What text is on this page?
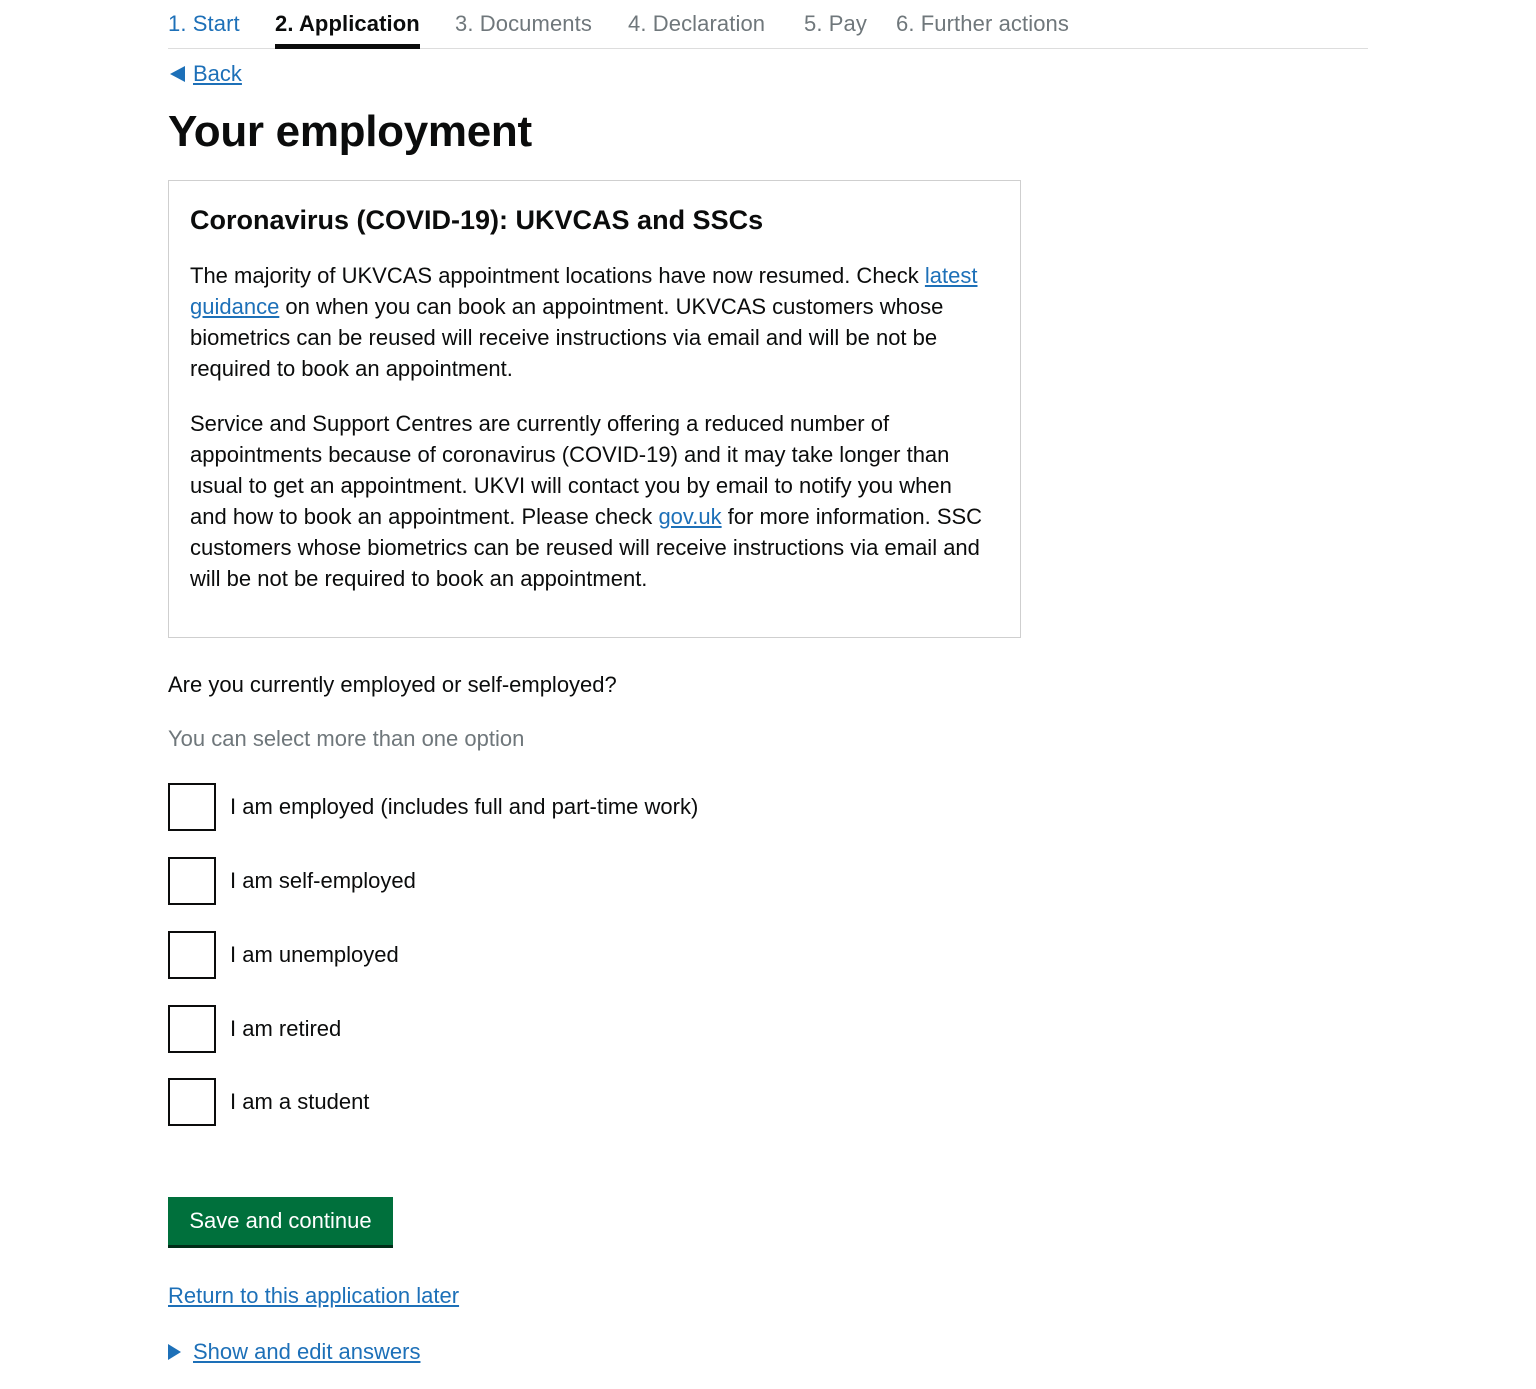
1. Start 2. Application 3. Documents 4. Declaration 5. Pay 6. Further actions
Back
Your employment
Coronavirus (COVID-19): UKVCAS and SSCs

The majority of UKVCAS appointment locations have now resumed. Check latest guidance on when you can book an appointment. UKVCAS customers whose biometrics can be reused will receive instructions via email and will be not be required to book an appointment.

Service and Support Centres are currently offering a reduced number of appointments because of coronavirus (COVID-19) and it may take longer than usual to get an appointment. UKVI will contact you by email to notify you when and how to book an appointment. Please check gov.uk for more information. SSC customers whose biometrics can be reused will receive instructions via email and will be not be required to book an appointment.

Are you currently employed or self-employed?
You can select more than one option
I am employed (includes full and part-time work)
I am self-employed
I am unemployed
I am retired
I am a student
Save and continue
Return to this application later
Show and edit answers
